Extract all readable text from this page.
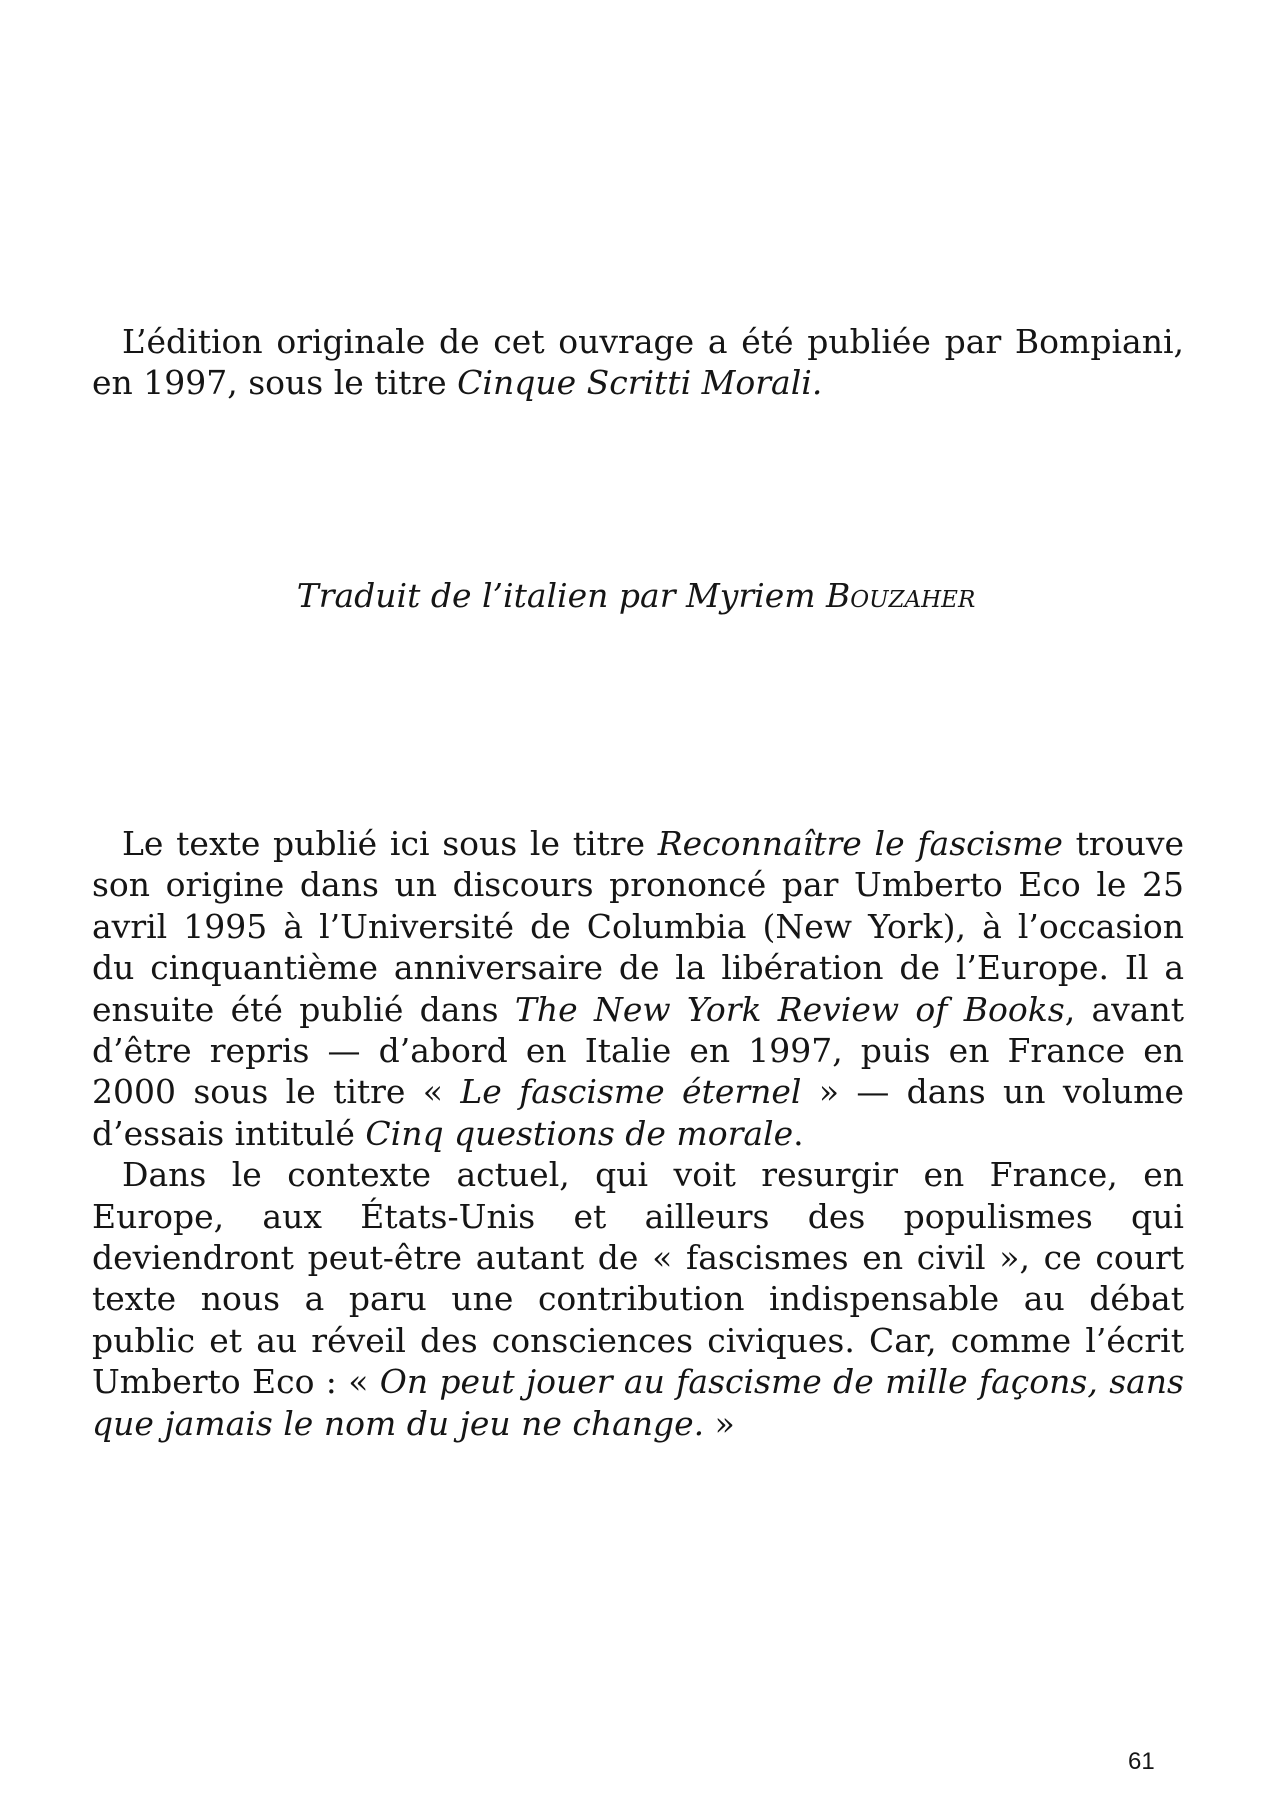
L’édition originale de cet ouvrage a été publiée par Bompiani, en 1997, sous le titre Cinque Scritti Morali.

Traduit de l’italien par Myriem Bouzaher

Le texte publié ici sous le titre Reconnaître le fascisme trouve son origine dans un discours prononcé par Umberto Eco le 25 avril 1995 à l’Université de Columbia (New York), à l’occasion du cinquantième anniversaire de la libération de l’Europe. Il a ensuite été publié dans The New York Review of Books, avant d’être repris — d’abord en Italie en 1997, puis en France en 2000 sous le titre « Le fascisme éternel » — dans un volume d’essais intitulé Cinq questions de morale.

Dans le contexte actuel, qui voit resurgir en France, en Europe, aux États-Unis et ailleurs des populismes qui deviendront peut-être autant de « fascismes en civil », ce court texte nous a paru une contribution indispensable au débat public et au réveil des consciences civiques. Car, comme l’écrit Umberto Eco : « On peut jouer au fascisme de mille façons, sans que jamais le nom du jeu ne change. »

61
